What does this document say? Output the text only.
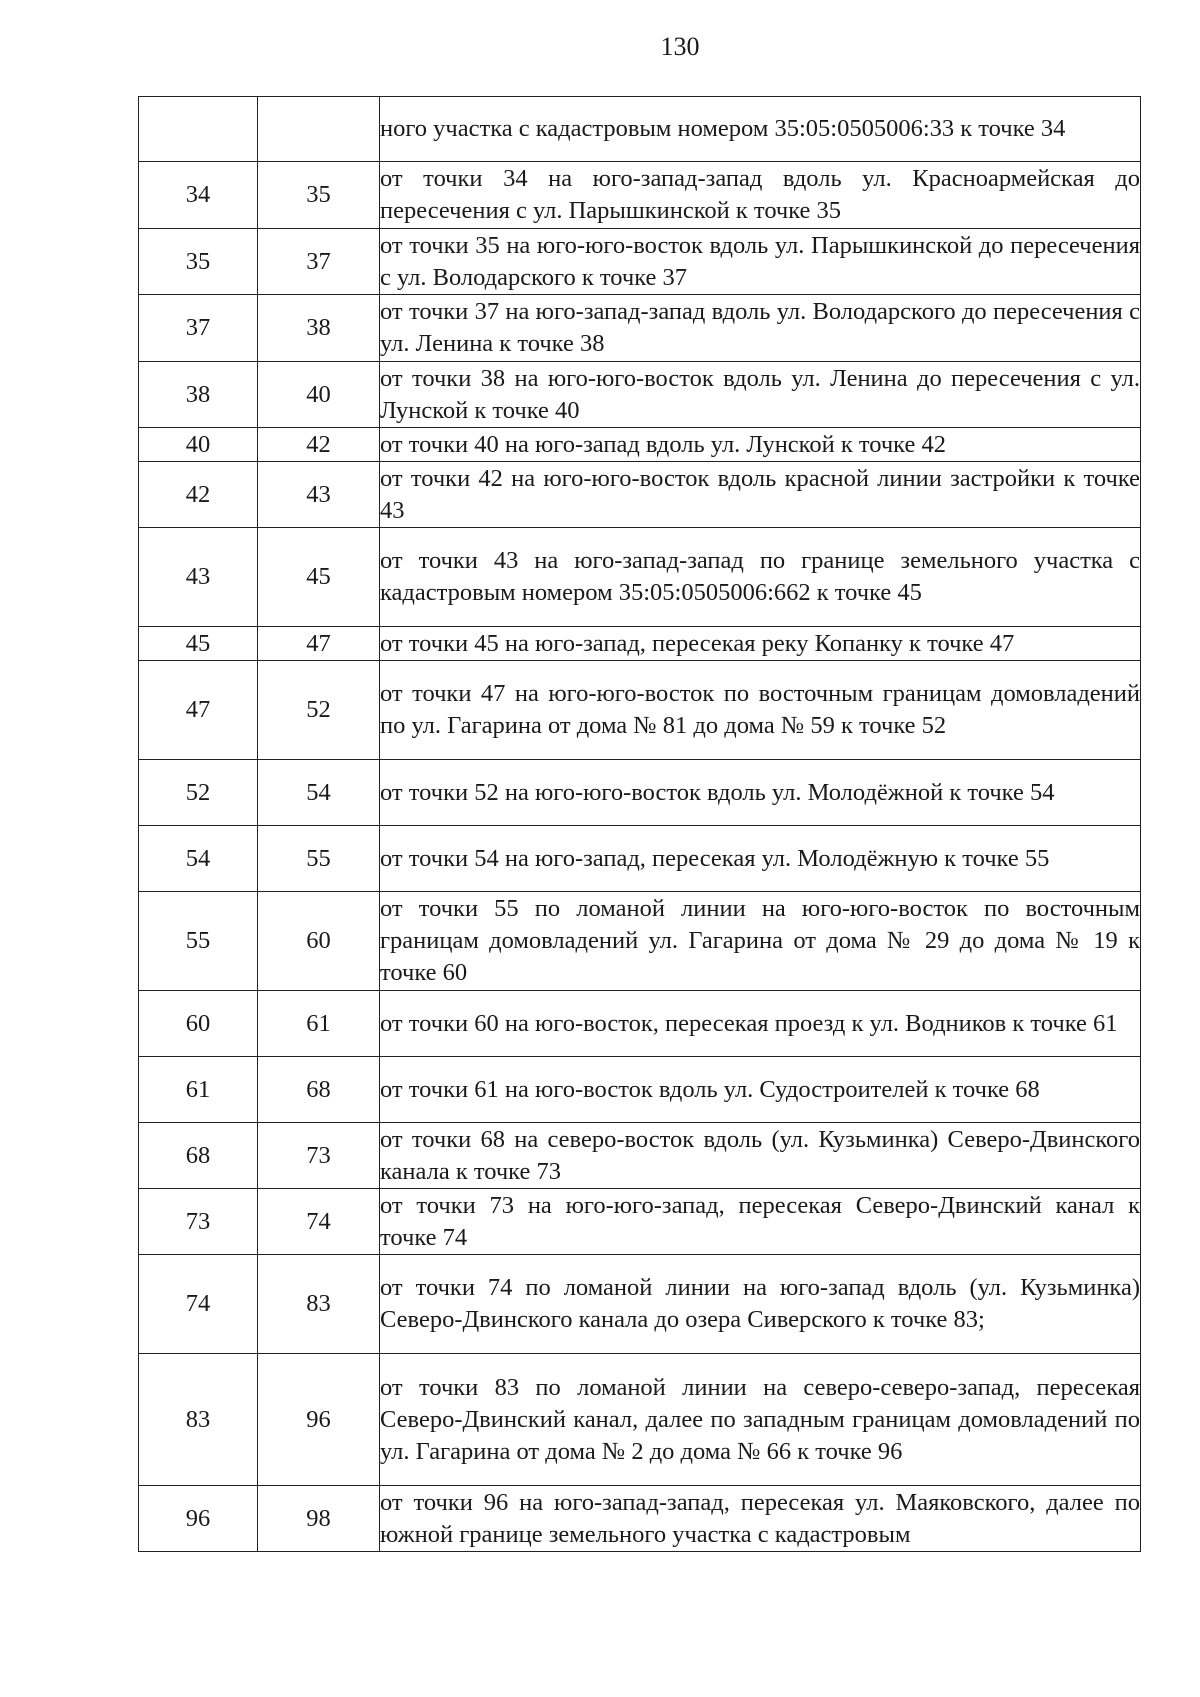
130
		ного участка с кадастровым номером 35:05:0505006:33 к точке 34
34	35	от точки 34 на юго-запад-запад вдоль ул. Красноармейская до пересечения с ул. Парышкинской к точке 35
35	37	от точки 35 на юго-юго-восток вдоль ул. Парышкинской до пересечения с ул. Володарского к точке 37
37	38	от точки 37 на юго-запад-запад вдоль ул. Володарского до пересечения с ул. Ленина к точке 38
38	40	от точки 38 на юго-юго-восток вдоль ул. Ленина до пересечения с ул. Лунской к точке 40
40	42	от точки 40 на юго-запад вдоль ул. Лунской к точке 42
42	43	от точки 42 на юго-юго-восток вдоль красной линии застройки к точке 43
43	45	от точки 43 на юго-запад-запад по границе земельного участка с кадастровым номером 35:05:0505006:662 к точке 45
45	47	от точки 45 на юго-запад, пересекая реку Копанку к точке 47
47	52	от точки 47 на юго-юго-восток по восточным границам домовладений по ул. Гагарина от дома № 81 до дома № 59 к точке 52
52	54	от точки 52 на юго-юго-восток вдоль ул. Молодёжной к точке 54
54	55	от точки 54 на юго-запад, пересекая ул. Молодёжную к точке 55
55	60	от точки 55 по ломаной линии на юго-юго-восток по восточным границам домовладений ул. Гагарина от дома № 29 до дома № 19 к точке 60
60	61	от точки 60 на юго-восток, пересекая проезд к ул. Водников к точке 61
61	68	от точки 61 на юго-восток вдоль ул. Судостроителей к точке 68
68	73	от точки 68 на северо-восток вдоль (ул. Кузьминка) Северо-Двинского канала к точке 73
73	74	от точки 73 на юго-юго-запад, пересекая Северо-Двинский канал к точке 74
74	83	от точки 74 по ломаной линии на юго-запад вдоль (ул. Кузьминка) Северо-Двинского канала до озера Сиверского к точке 83;
83	96	от точки 83 по ломаной линии на северо-северо-запад, пересекая Северо-Двинский канал, далее по западным границам домовладений по ул. Гагарина от дома № 2 до дома № 66 к точке 96
96	98	от точки 96 на юго-запад-запад, пересекая ул. Маяковского, далее по южной границе земельного участка с кадастровым
